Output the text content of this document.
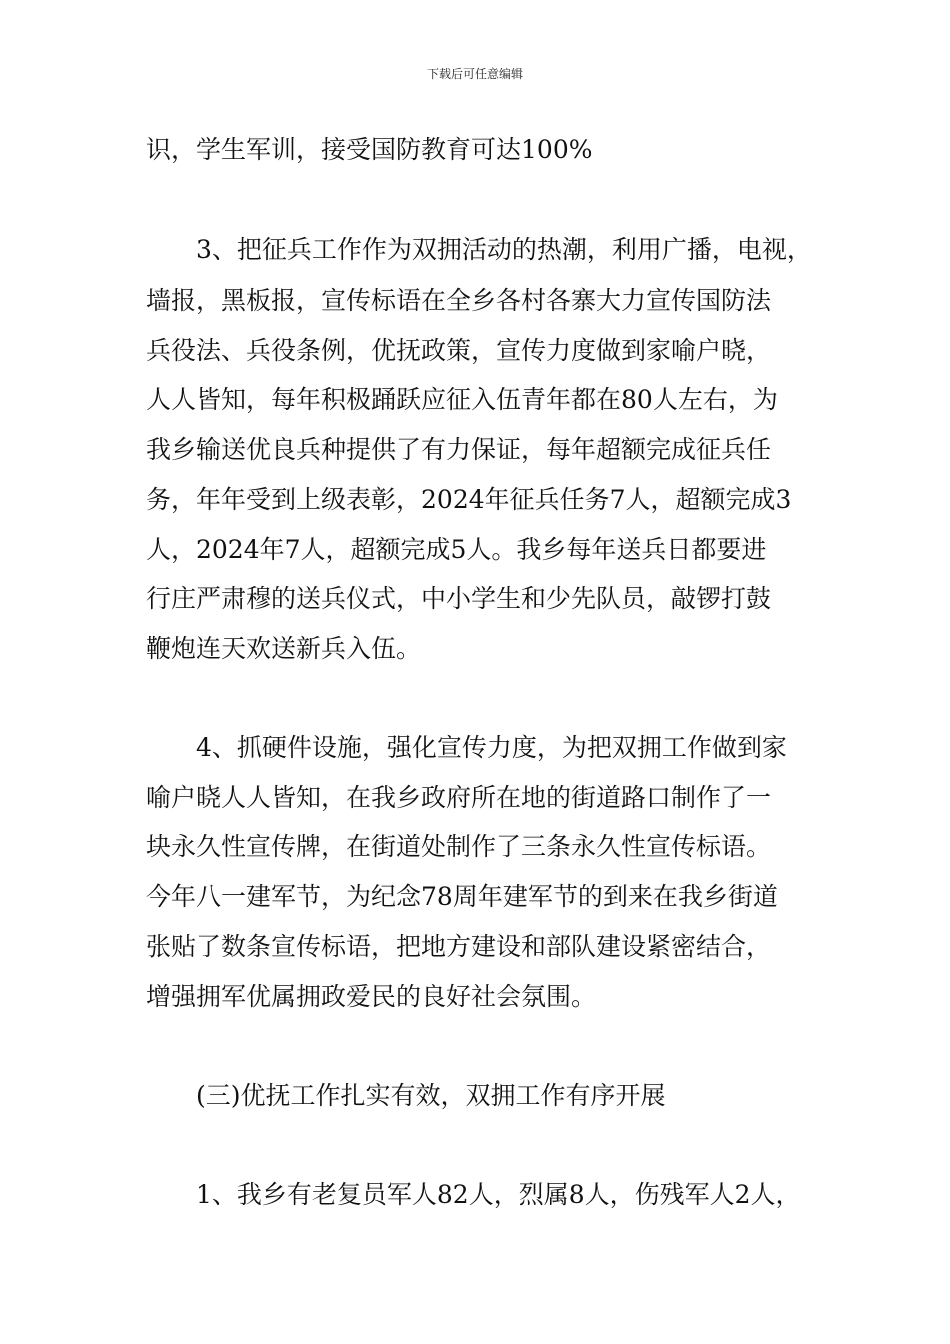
下载后可任意编辑
识，学生军训，接受国防教育可达100%
3、把征兵工作作为双拥活动的热潮，利用广播，电视，
墙报，黑板报，宣传标语在全乡各村各寨大力宣传国防法
兵役法、兵役条例，优抚政策，宣传力度做到家喻户晓，
人人皆知，每年积极踊跃应征入伍青年都在80人左右，为
我乡输送优良兵种提供了有力保证，每年超额完成征兵任
务，年年受到上级表彰，2024年征兵任务7人，超额完成3
人，2024年7人，超额完成5人。我乡每年送兵日都要进
行庄严肃穆的送兵仪式，中小学生和少先队员，敲锣打鼓
鞭炮连天欢送新兵入伍。
4、抓硬件设施，强化宣传力度，为把双拥工作做到家
喻户晓人人皆知，在我乡政府所在地的街道路口制作了一
块永久性宣传牌，在街道处制作了三条永久性宣传标语。
今年八一建军节，为纪念78周年建军节的到来在我乡街道
张贴了数条宣传标语，把地方建设和部队建设紧密结合，
增强拥军优属拥政爱民的良好社会氛围。
(三)优抚工作扎实有效，双拥工作有序开展
1、我乡有老复员军人82人，烈属8人，伤残军人2人，
